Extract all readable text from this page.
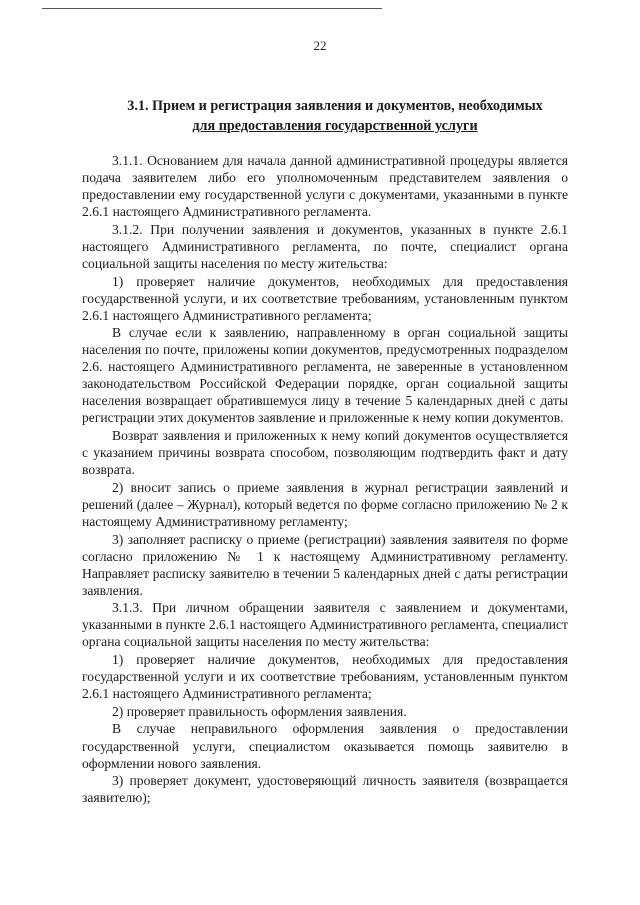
22
3.1. Прием и регистрация заявления и документов, необходимых
для предоставления государственной услуги

3.1.1. Основанием для начала данной административной процедуры является подача заявителем либо его уполномоченным представителем заявления о предоставлении ему государственной услуги с документами, указанными в пункте 2.6.1 настоящего Административного регламента.

3.1.2. При получении заявления и документов, указанных в пункте 2.6.1 настоящего Административного регламента, по почте, специалист органа социальной защиты населения по месту жительства:

1) проверяет наличие документов, необходимых для предоставления государственной услуги, и их соответствие требованиям, установленным пунктом 2.6.1 настоящего Административного регламента;

В случае если к заявлению, направленному в орган социальной защиты населения по почте, приложены копии документов, предусмотренных подразделом 2.6. настоящего Административного регламента, не заверенные в установленном законодательством Российской Федерации порядке, орган социальной защиты населения возвращает обратившемуся лицу в течение 5 календарных дней с даты регистрации этих документов заявление и приложенные к нему копии документов.

Возврат заявления и приложенных к нему копий документов осуществляется с указанием причины возврата способом, позволяющим подтвердить факт и дату возврата.

2) вносит запись о приеме заявления в журнал регистрации заявлений и решений (далее – Журнал), который ведется по форме согласно приложению № 2 к настоящему Административному регламенту;

3) заполняет расписку о приеме (регистрации) заявления заявителя по форме согласно приложению № 1 к настоящему Административному регламенту. Направляет расписку заявителю в течении 5 календарных дней с даты регистрации заявления.

3.1.3. При личном обращении заявителя с заявлением и документами, указанными в пункте 2.6.1 настоящего Административного регламента, специалист органа социальной защиты населения по месту жительства:

1) проверяет наличие документов, необходимых для предоставления государственной услуги и их соответствие требованиям, установленным пунктом 2.6.1 настоящего Административного регламента;

2) проверяет правильность оформления заявления.

В случае неправильного оформления заявления о предоставлении государственной услуги, специалистом оказывается помощь заявителю в оформлении нового заявления.

3) проверяет документ, удостоверяющий личность заявителя (возвращается заявителю);
